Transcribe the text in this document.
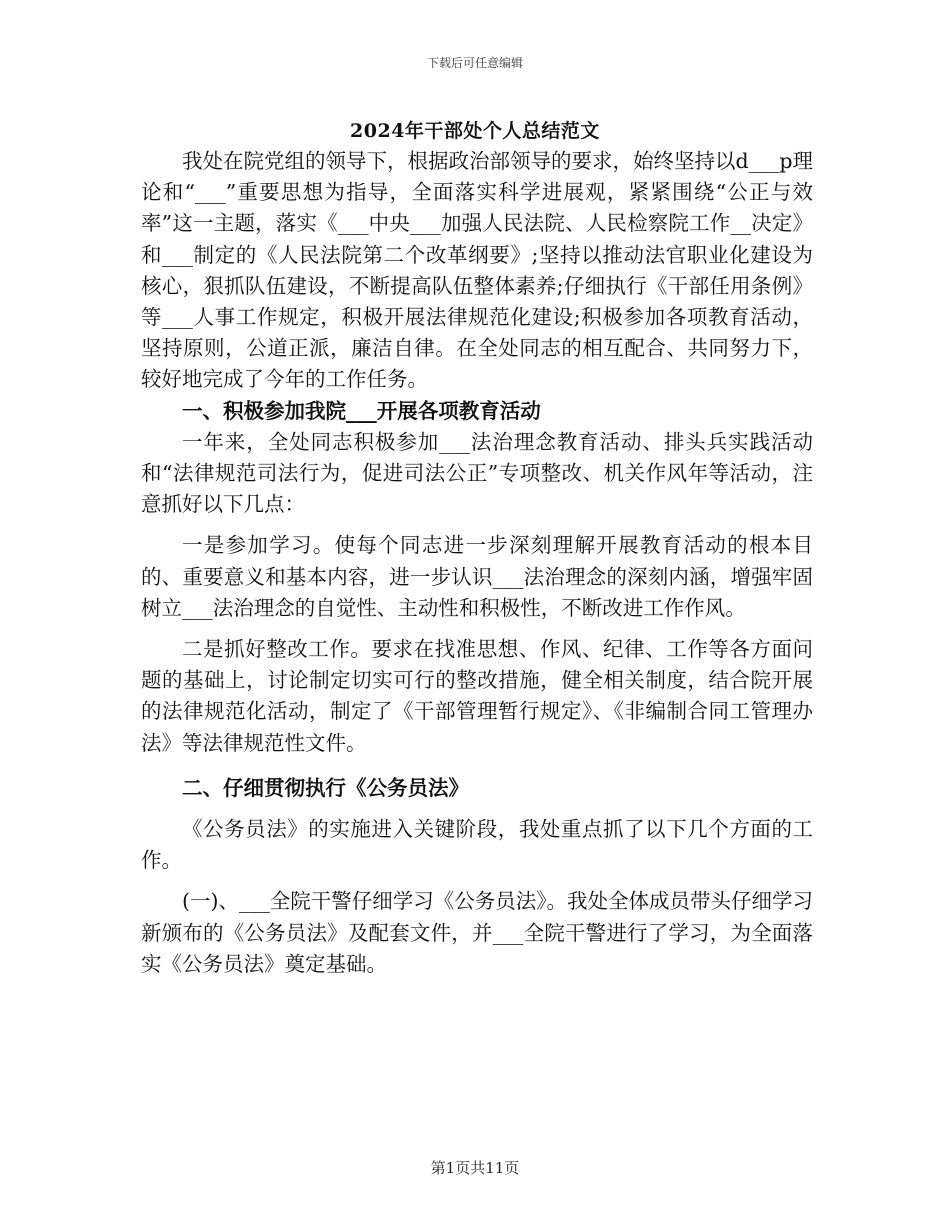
下载后可任意编辑
2024年干部处个人总结范文

我处在院党组的领导下，根据政治部领导的要求，始终坚持以d___p理论和“___”重要思想为指导，全面落实科学进展观，紧紧围绕“公正与效率”这一主题，落实《___中央___加强人民法院、人民检察院工作__决定》和___制定的《人民法院第二个改革纲要》;坚持以推动法官职业化建设为核心，狠抓队伍建设，不断提高队伍整体素养;仔细执行《干部任用条例》等___人事工作规定，积极开展法律规范化建设;积极参加各项教育活动，坚持原则，公道正派，廉洁自律。在全处同志的相互配合、共同努力下，较好地完成了今年的工作任务。

一、积极参加我院___开展各项教育活动

一年来，全处同志积极参加___法治理念教育活动、排头兵实践活动和“法律规范司法行为，促进司法公正”专项整改、机关作风年等活动，注意抓好以下几点：

一是参加学习。使每个同志进一步深刻理解开展教育活动的根本目的、重要意义和基本内容，进一步认识___法治理念的深刻内涵，增强牢固树立___法治理念的自觉性、主动性和积极性，不断改进工作作风。

二是抓好整改工作。要求在找准思想、作风、纪律、工作等各方面问题的基础上，讨论制定切实可行的整改措施，健全相关制度，结合院开展的法律规范化活动，制定了《干部管理暂行规定》、《非编制合同工管理办法》等法律规范性文件。

二、仔细贯彻执行《公务员法》

《公务员法》的实施进入关键阶段，我处重点抓了以下几个方面的工作。

(一)、___全院干警仔细学习《公务员法》。我处全体成员带头仔细学习新颁布的《公务员法》及配套文件，并___全院干警进行了学习，为全面落实《公务员法》奠定基础。

第1页共11页
